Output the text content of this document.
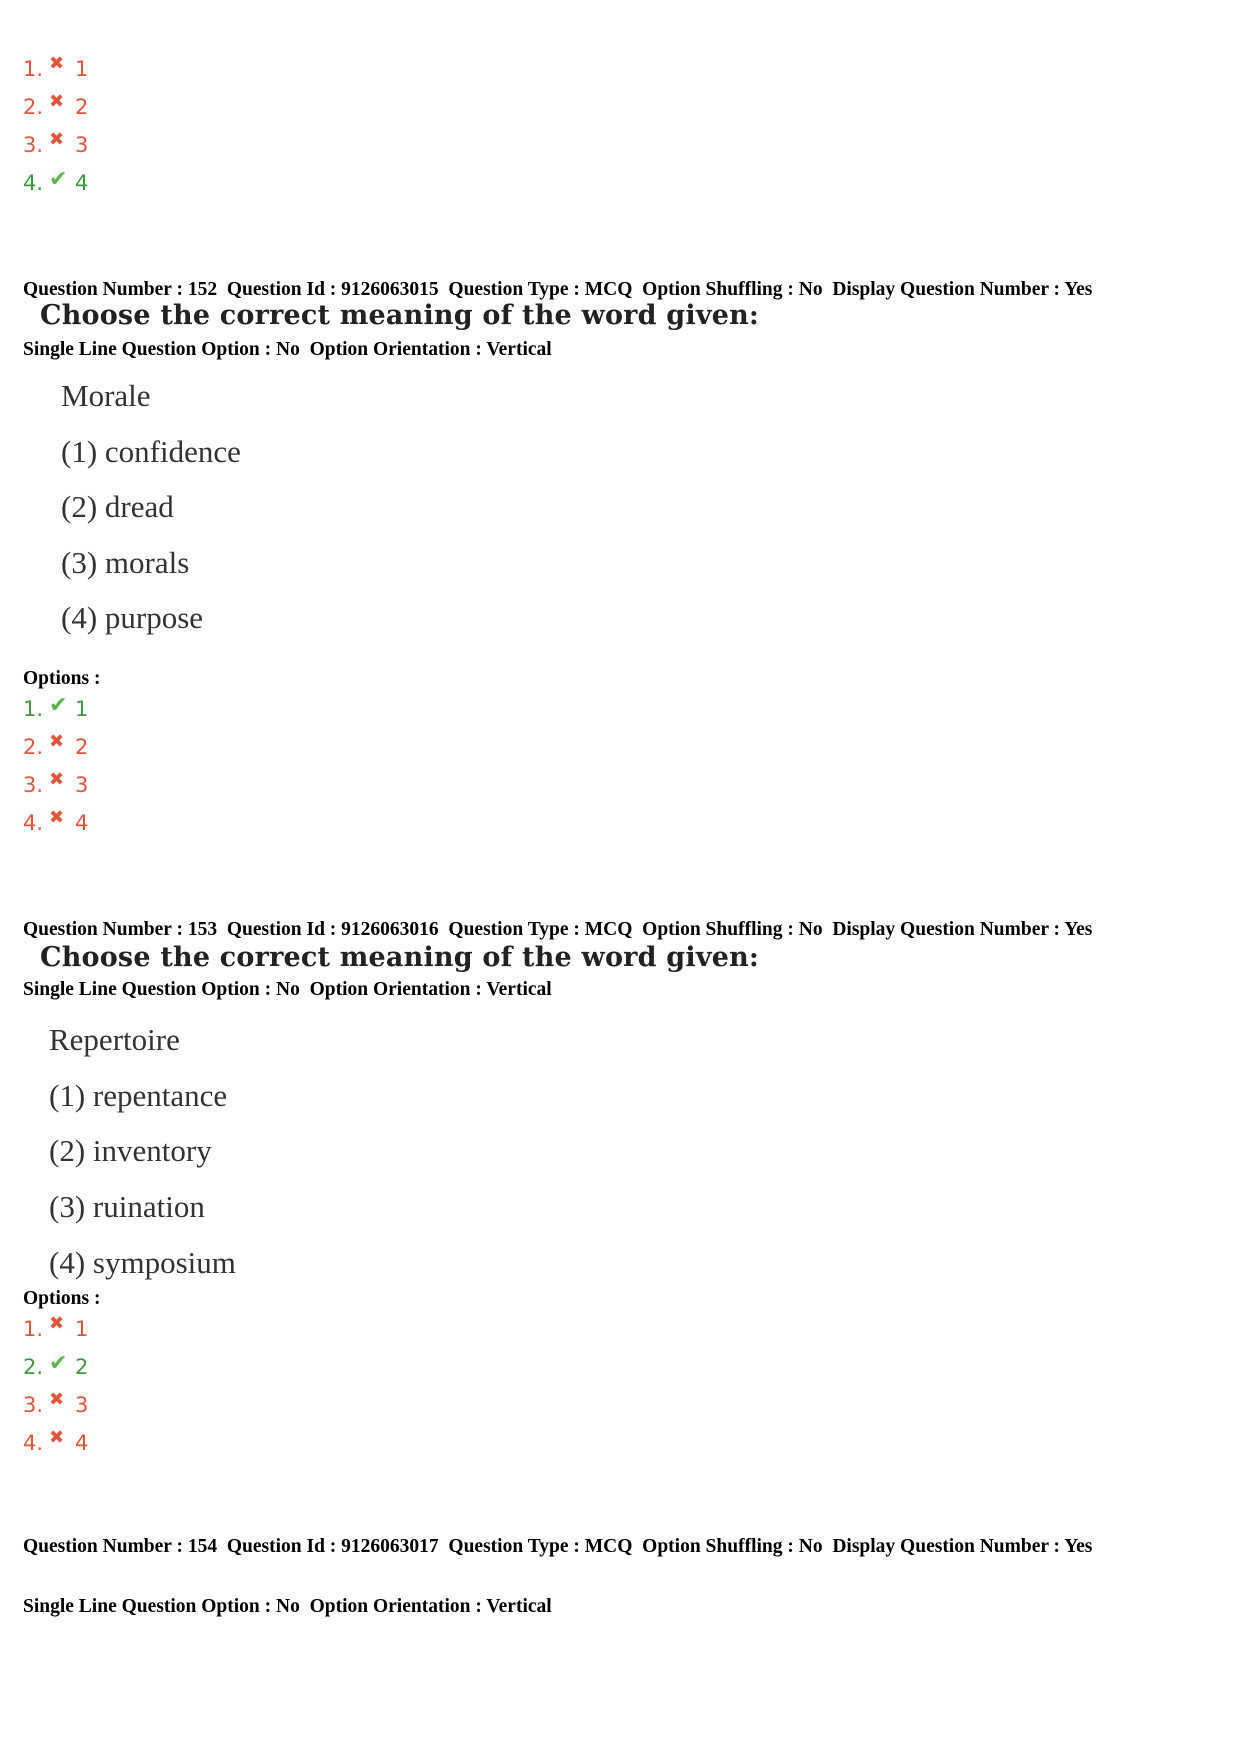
1. ✖ 1
2. ✖ 2
3. ✖ 3
4. ✔ 4

Question Number : 152  Question Id : 9126063015  Question Type : MCQ  Option Shuffling : No  Display Question Number : Yes

Single Line Question Option : No  Option Orientation : Vertical

Choose the correct meaning of the word given:
Morale
(1) confidence
(2) dread
(3) morals
(4) purpose
Options :
1. ✔ 1
2. ✖ 2
3. ✖ 3
4. ✖ 4

Question Number : 153  Question Id : 9126063016  Question Type : MCQ  Option Shuffling : No  Display Question Number : Yes

Single Line Question Option : No  Option Orientation : Vertical

Choose the correct meaning of the word given:
Repertoire
(1) repentance
(2) inventory
(3) ruination
(4) symposium
Options :
1. ✖ 1
2. ✔ 2
3. ✖ 3
4. ✖ 4

Question Number : 154  Question Id : 9126063017  Question Type : MCQ  Option Shuffling : No  Display Question Number : Yes

Single Line Question Option : No  Option Orientation : Vertical
